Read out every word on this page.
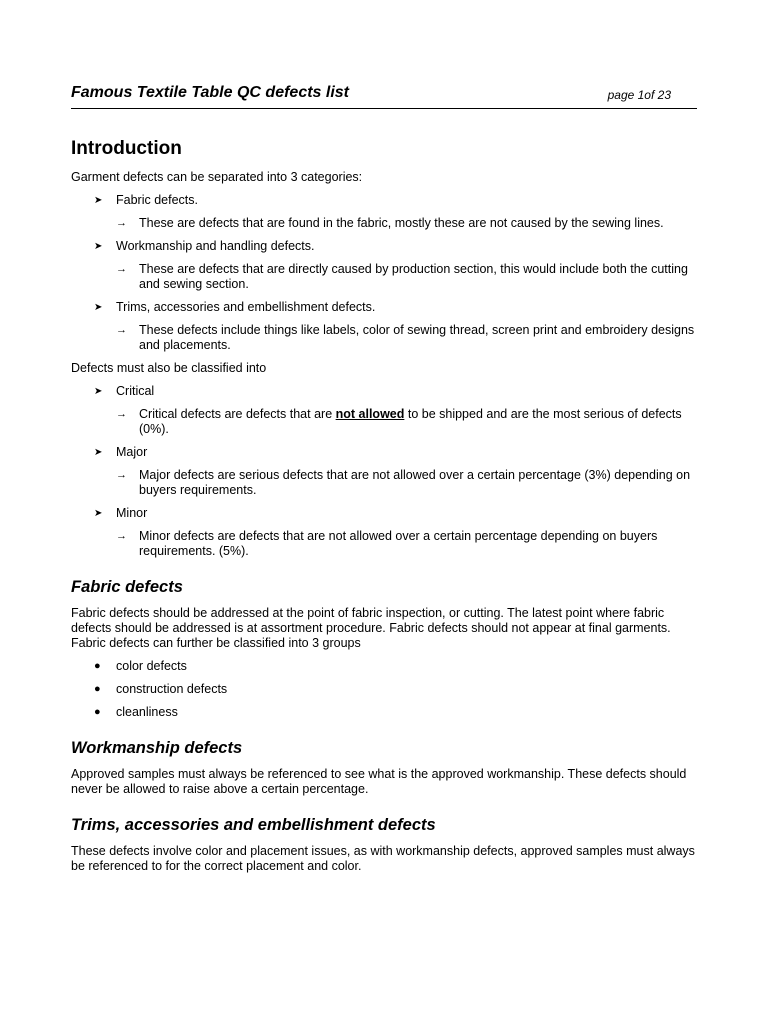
Famous Textile Table QC defects list	page 1of 23
Introduction

Garment defects can be separated into 3 categories:

➤ Fabric defects.
→ These are defects that are found in the fabric, mostly these are not caused by the sewing lines.
➤ Workmanship and handling defects.
→ These are defects that are directly caused by production section, this would include both the cutting and sewing section.
➤ Trims, accessories and embellishment defects.
→ These defects include things like labels, color of sewing thread, screen print and embroidery designs and placements.

Defects must also be classified into

➤ Critical
→ Critical defects are defects that are not allowed to be shipped and are the most serious of defects (0%).
➤ Major
→ Major defects are serious defects that are not allowed over a certain percentage (3%) depending on buyers requirements.
➤ Minor
→ Minor defects are defects that are not allowed over a certain percentage depending on buyers requirements. (5%).
Fabric defects

Fabric defects should be addressed at the point of fabric inspection, or cutting. The latest point where fabric defects should be addressed is at assortment procedure. Fabric defects should not appear at final garments. Fabric defects can further be classified into 3 groups

● color defects
● construction defects
● cleanliness
Workmanship defects

Approved samples must always be referenced to see what is the approved workmanship. These defects should never be allowed to raise above a certain percentage.

Trims, accessories and embellishment defects

These defects involve color and placement issues, as with workmanship defects, approved samples must always be referenced to for the correct placement and color.
